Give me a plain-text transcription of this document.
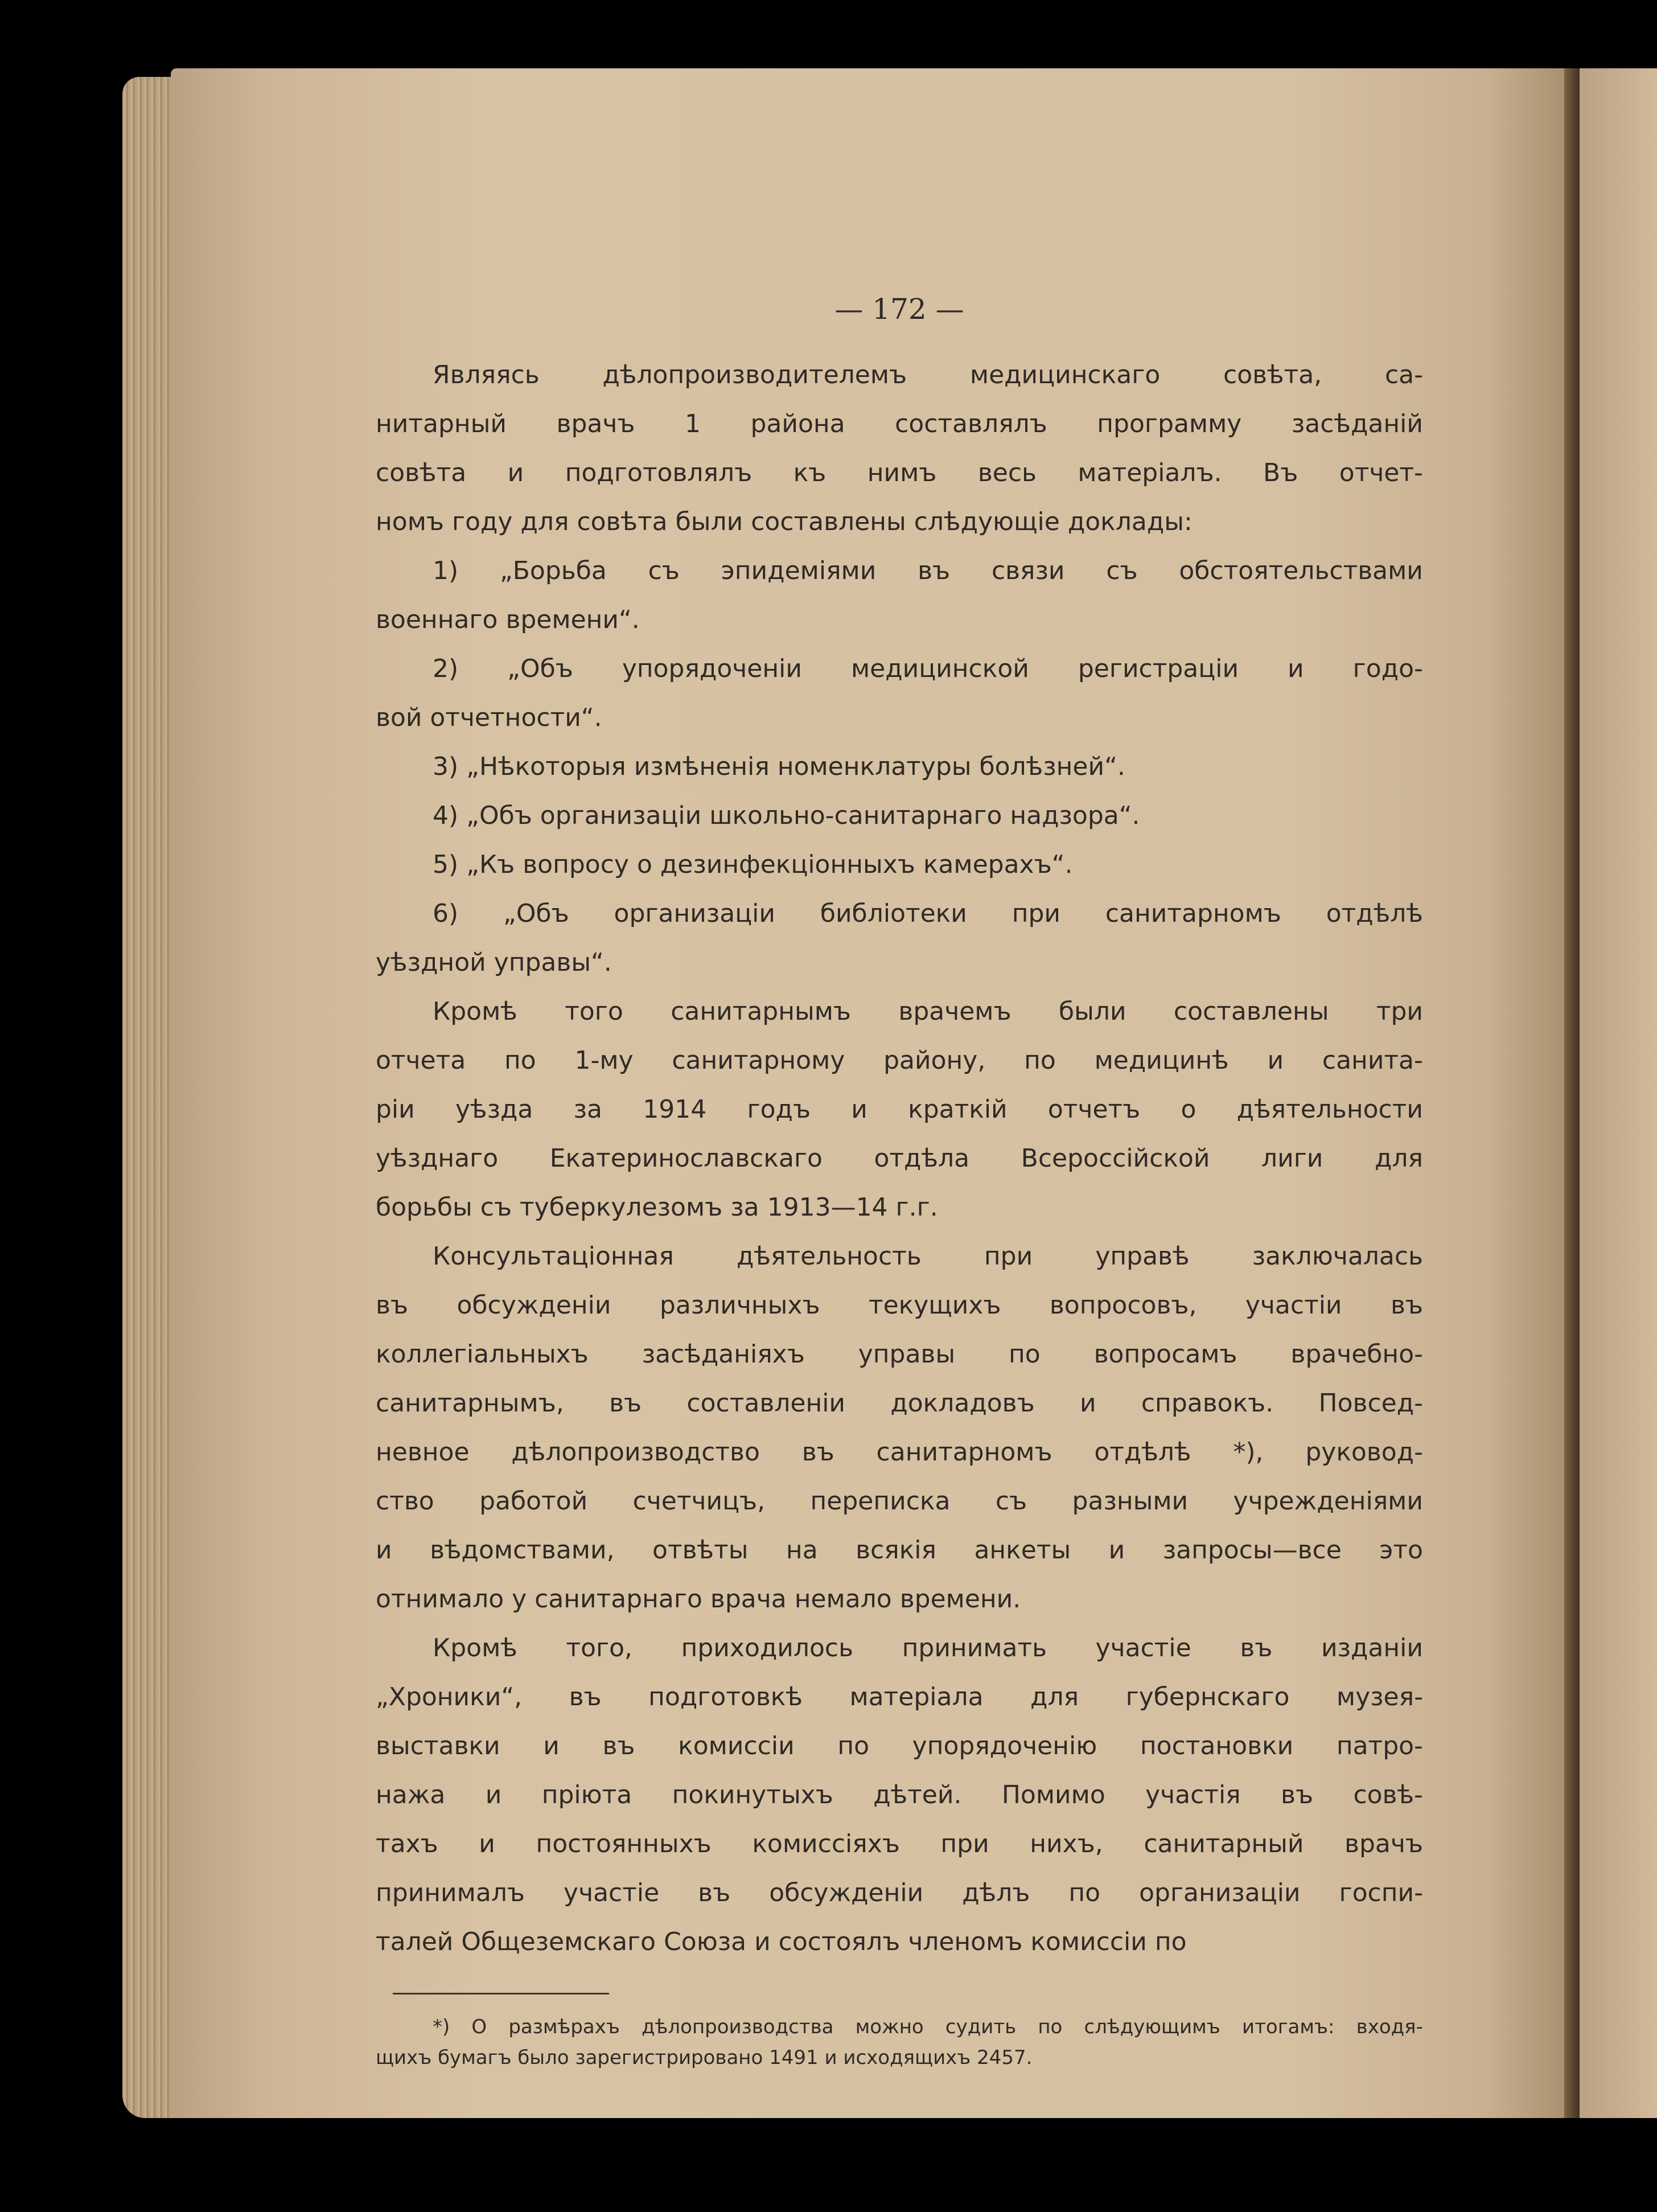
— 172 —

Являясь	дѣлопроизводителемъ	медицинскаго	совѣта,	са-
нитарный врачъ 1 района составлялъ программу засѣданій
совѣта и подготовлялъ къ нимъ весь матеріалъ. Въ отчет-
номъ году для совѣта были составлены слѣдующіе доклады:

1) „Борьба съ эпидеміями въ связи съ обстоятельствами
военнаго времени“.

2) „Объ упорядоченіи медицинской регистраціи и годо-
вой отчетности“.

3) „Нѣкоторыя измѣненія номенклатуры болѣзней“.

4) „Объ организаціи школьно-санитарнаго надзора“.

5) „Къ вопросу о дезинфекціонныхъ камерахъ“.

6) „Объ организаціи библіотеки при санитарномъ отдѣлѣ
уѣздной управы“.

Кромѣ того санитарнымъ врачемъ были составлены три
отчета по 1-му санитарному району, по медицинѣ и санита-
ріи уѣзда за 1914 годъ и краткій отчетъ о дѣятельности
уѣзднаго Екатеринославскаго отдѣла Всероссійской лиги для
борьбы съ туберкулезомъ за 1913—14 г.г.

Консультаціонная	дѣятельность	при	управѣ	заключалась
въ обсужденіи различныхъ текущихъ вопросовъ, участіи въ
коллегіальныхъ засѣданіяхъ управы по вопросамъ врачебно-
санитарнымъ, въ составленіи докладовъ и справокъ. Повсед-
невное дѣлопроизводство въ санитарномъ отдѣлѣ *), руковод-
ство работой счетчицъ, переписка съ разными учрежденіями
и вѣдомствами, отвѣты на всякія анкеты и запросы—все это
отнимало у санитарнаго врача немало времени.

Кромѣ того, приходилось принимать участіе въ изданіи
„Хроники“, въ подготовкѣ матеріала для губернскаго музея-
выставки и въ комиссіи по упорядоченію постановки патро-
нажа и пріюта покинутыхъ дѣтей. Помимо участія въ совѣ-
тахъ и постоянныхъ комиссіяхъ при нихъ, санитарный врачъ
принималъ участіе въ обсужденіи дѣлъ по организаціи госпи-
талей Общеземскаго Союза и состоялъ членомъ комиссіи по

*) О размѣрахъ дѣлопроизводства можно судить по слѣдующимъ итогамъ: входя-
щихъ бумагъ было зарегистрировано 1491 и исходящихъ 2457.
